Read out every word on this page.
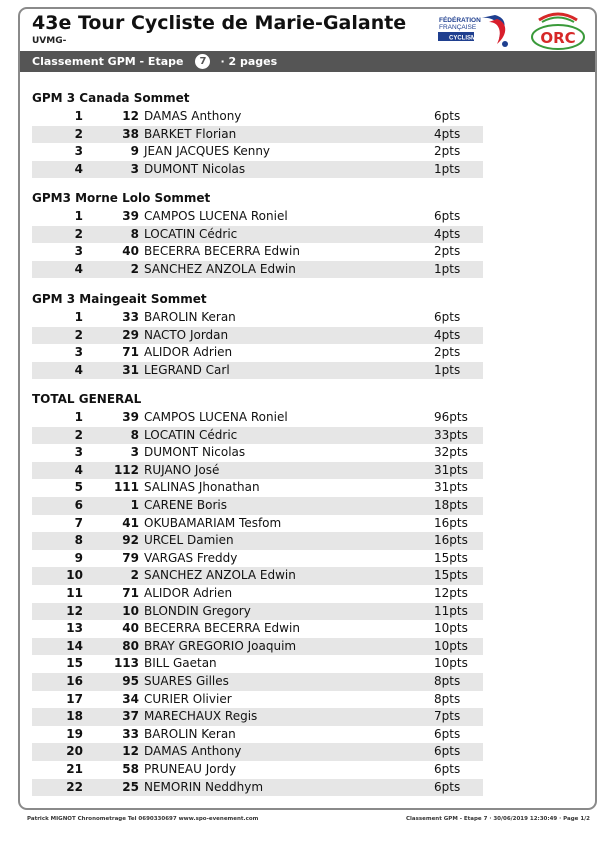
43e Tour Cycliste de Marie-Galante
UVMG-
FÉDÉRATION
FRANÇAISE
CYCLISME	ORC
Classement GPM - Etape	7	· 2 pages
GPM 3 Canada Sommet
1	12 DAMAS Anthony	6pts
2	38 BARKET Florian	4pts
3	9 JEAN JACQUES Kenny	2pts
4	3 DUMONT Nicolas	1pts
GPM3 Morne Lolo Sommet
1	39 CAMPOS LUCENA Roniel	6pts
2	8 LOCATIN Cédric	4pts
3	40 BECERRA BECERRA Edwin	2pts
4	2 SANCHEZ ANZOLA Edwin	1pts
GPM 3 Maingeait Sommet
1	33 BAROLIN Keran	6pts
2	29 NACTO Jordan	4pts
3	71 ALIDOR Adrien	2pts
4	31 LEGRAND Carl	1pts
TOTAL GENERAL
1	39 CAMPOS LUCENA Roniel	96pts
2	8 LOCATIN Cédric	33pts
3	3 DUMONT Nicolas	32pts
4	112 RUJANO José	31pts
5	111 SALINAS Jhonathan	31pts
6	1 CARENE Boris	18pts
7	41 OKUBAMARIAM Tesfom	16pts
8	92 URCEL Damien	16pts
9	79 VARGAS Freddy	15pts
10	2 SANCHEZ ANZOLA Edwin	15pts
11	71 ALIDOR Adrien	12pts
12	10 BLONDIN Gregory	11pts
13	40 BECERRA BECERRA Edwin	10pts
14	80 BRAY GREGORIO Joaquim	10pts
15	113 BILL Gaetan	10pts
16	95 SUARES Gilles	8pts
17	34 CURIER Olivier	8pts
18	37 MARECHAUX Regis	7pts
19	33 BAROLIN Keran	6pts
20	12 DAMAS Anthony	6pts
21	58 PRUNEAU Jordy	6pts
22	25 NEMORIN Neddhym	6pts
Patrick MIGNOT Chronometrage Tel 0690330697 www.spo-evenement.com	Classement GPM - Etape 7 · 30/06/2019 12:30:49 · Page 1/2
